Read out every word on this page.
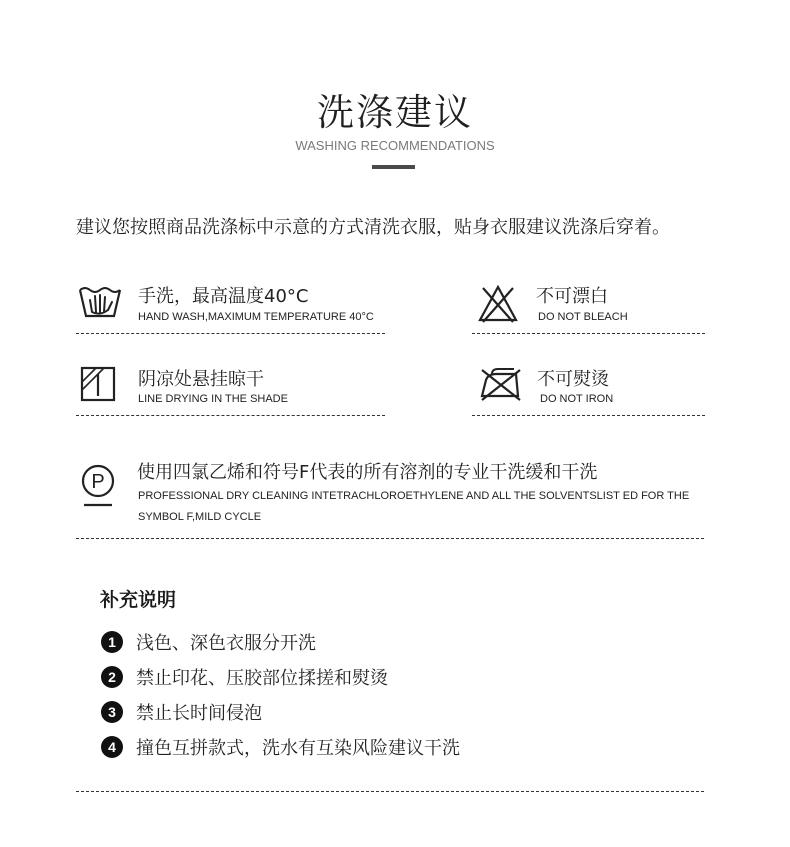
洗涤建议
WASHING RECOMMENDATIONS
建议您按照商品洗涤标中示意的方式清洗衣服，贴身衣服建议洗涤后穿着。
手洗，最高温度40°C
HAND WASH,MAXIMUM TEMPERATURE 40°C
不可漂白
DO NOT BLEACH
阴凉处悬挂晾干
LINE DRYING IN THE SHADE
不可熨烫
DO NOT IRON
P 使用四氯乙烯和符号F代表的所有溶剂的专业干洗缓和干洗
PROFESSIONAL DRY CLEANING INTETRACHLOROETHYLENE AND ALL THE SOLVENTSLIST ED FOR THE
SYMBOL F,MILD CYCLE
补充说明
1	浅色、深色衣服分开洗
2	禁止印花、压胶部位揉搓和熨烫
3	禁止长时间侵泡
4	撞色互拼款式，洗水有互染风险建议干洗
